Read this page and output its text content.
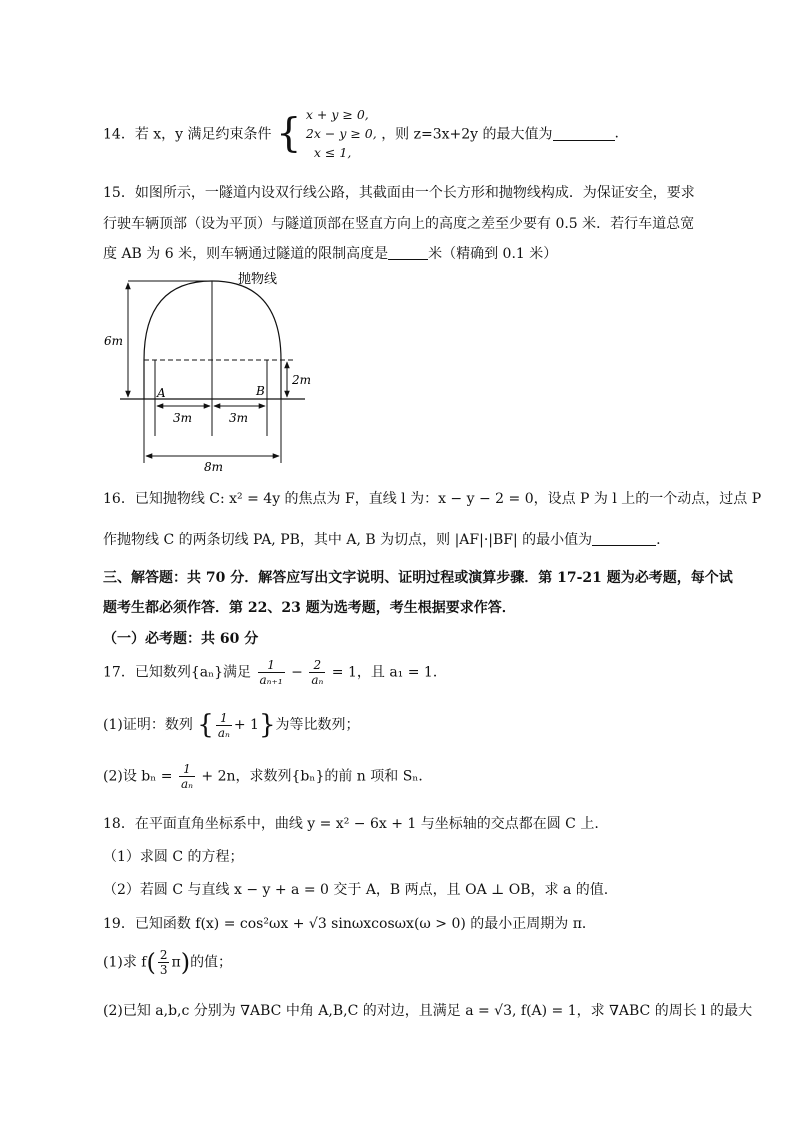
14．若 x，y 满足约束条件 { x + y ≥ 0,
2x − y ≥ 0,
x ≤ 1,
，则 z=3x+2y 的最大值为	.
15．如图所示，一隧道内设双行线公路，其截面由一个长方形和抛物线构成．为保证安全，要求
行驶车辆顶部（设为平顶）与隧道顶部在竖直方向上的高度之差至少要有 0.5 米．若行车道总宽
度 AB 为 6 米，则车辆通过隧道的限制高度是	米（精确到 0.1 米）
抛物线
6m
2m
A	B
3m	3m
8m
16．已知抛物线 C: x² = 4y 的焦点为 F，直线 l 为：x − y − 2 = 0，设点 P 为 l 上的一个动点，过点 P
作抛物线 C 的两条切线 PA, PB，其中 A, B 为切点，则 |AF|·|BF| 的最小值为	.
三、解答题：共 70 分．解答应写出文字说明、证明过程或演算步骤．第 17-21 题为必考题，每个试
题考生都必须作答．第 22、23 题为选考题，考生根据要求作答．
（一）必考题：共 60 分
17．已知数列{aₙ}满足 $\frac{1}{\text{aₙ₊₁}} - \frac{2}{\text{aₙ}} = 1$，且 a₁ = 1．
(1)证明：数列 { $\frac{1}{\text{aₙ}} + 1$}为等比数列；
(2)设 $b_n = \frac{1}{\text{aₙ}} + 2n$，求数列{bₙ}的前 n 项和 Sₙ．
18．在平面直角坐标系中，曲线 y = x² − 6x + 1 与坐标轴的交点都在圆 C 上.
（1）求圆 C 的方程；
（2）若圆 C 与直线 x − y + a = 0 交于 A，B 两点，且 OA ⊥ OB，求 a 的值.
19．已知函数 f(x) = cos²ωx + √3 sinωxcosωx(ω > 0) 的最小正周期为 π．
(1)求 $f( \frac{2}{3} \pi)$的值；
(2)已知 a,b,c 分别为 ∇ABC 中角 A,B,C 的对边，且满足 a = √3, f(A) = 1，求 ∇ABC 的周长 l 的最大
